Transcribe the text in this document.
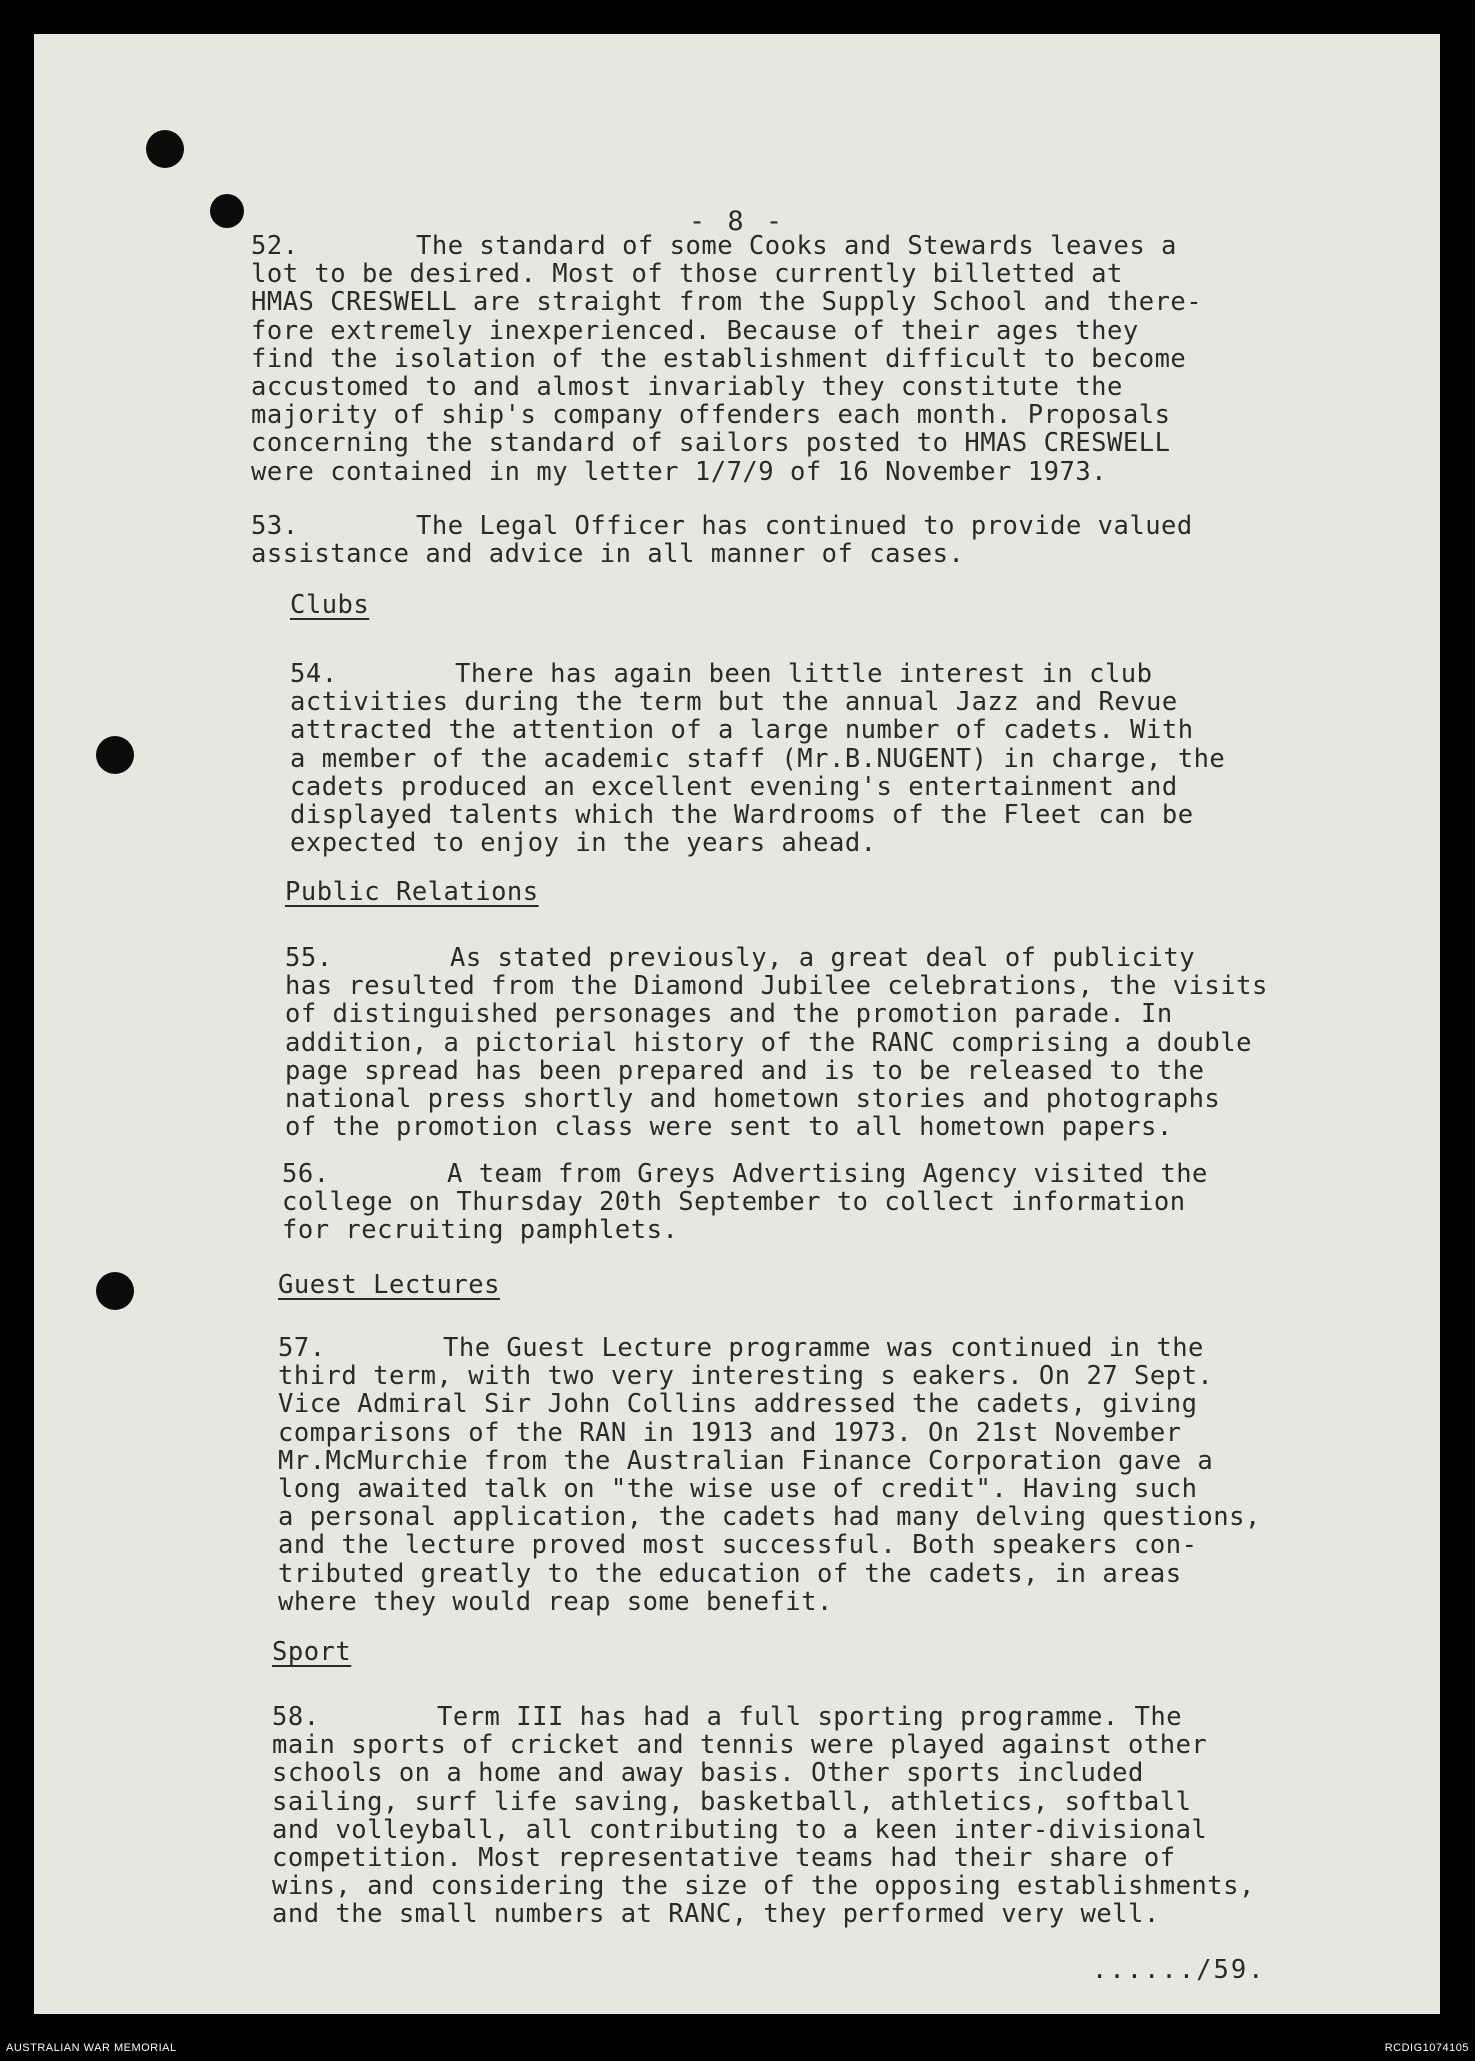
- 8 -

52.	The standard of some Cooks and Stewards leaves a
lot to be desired. Most of those currently billetted at
HMAS CRESWELL are straight from the Supply School and there-
fore extremely inexperienced. Because of their ages they
find the isolation of the establishment difficult to become
accustomed to and almost invariably they constitute the
majority of ship's company offenders each month. Proposals
concerning the standard of sailors posted to HMAS CRESWELL
were contained in my letter 1/7/9 of 16 November 1973.

53.	The Legal Officer has continued to provide valued
assistance and advice in all manner of cases.

Clubs

54.	There has again been little interest in club
activities during the term but the annual Jazz and Revue
attracted the attention of a large number of cadets. With
a member of the academic staff (Mr.B.NUGENT) in charge, the
cadets produced an excellent evening's entertainment and
displayed talents which the Wardrooms of the Fleet can be
expected to enjoy in the years ahead.

Public Relations

55.	As stated previously, a great deal of publicity
has resulted from the Diamond Jubilee celebrations, the visits
of distinguished personages and the promotion parade. In
addition, a pictorial history of the RANC comprising a double
page spread has been prepared and is to be released to the
national press shortly and hometown stories and photographs
of the promotion class were sent to all hometown papers.

56.	A team from Greys Advertising Agency visited the
college on Thursday 20th September to collect information
for recruiting pamphlets.

Guest Lectures

57.	The Guest Lecture programme was continued in the
third term, with two very interesting s eakers. On 27 Sept.
Vice Admiral Sir John Collins addressed the cadets, giving
comparisons of the RAN in 1913 and 1973. On 21st November
Mr.McMurchie from the Australian Finance Corporation gave a
long awaited talk on "the wise use of credit". Having such
a personal application, the cadets had many delving questions,
and the lecture proved most successful. Both speakers con-
tributed greatly to the education of the cadets, in areas
where they would reap some benefit.

Sport

58.	Term III has had a full sporting programme. The
main sports of cricket and tennis were played against other
schools on a home and away basis. Other sports included
sailing, surf life saving, basketball, athletics, softball
and volleyball, all contributing to a keen inter-divisional
competition. Most representative teams had their share of
wins, and considering the size of the opposing establishments,
and the small numbers at RANC, they performed very well.

....../59.
AUSTRALIAN WAR MEMORIAL	RCDIG1074105
